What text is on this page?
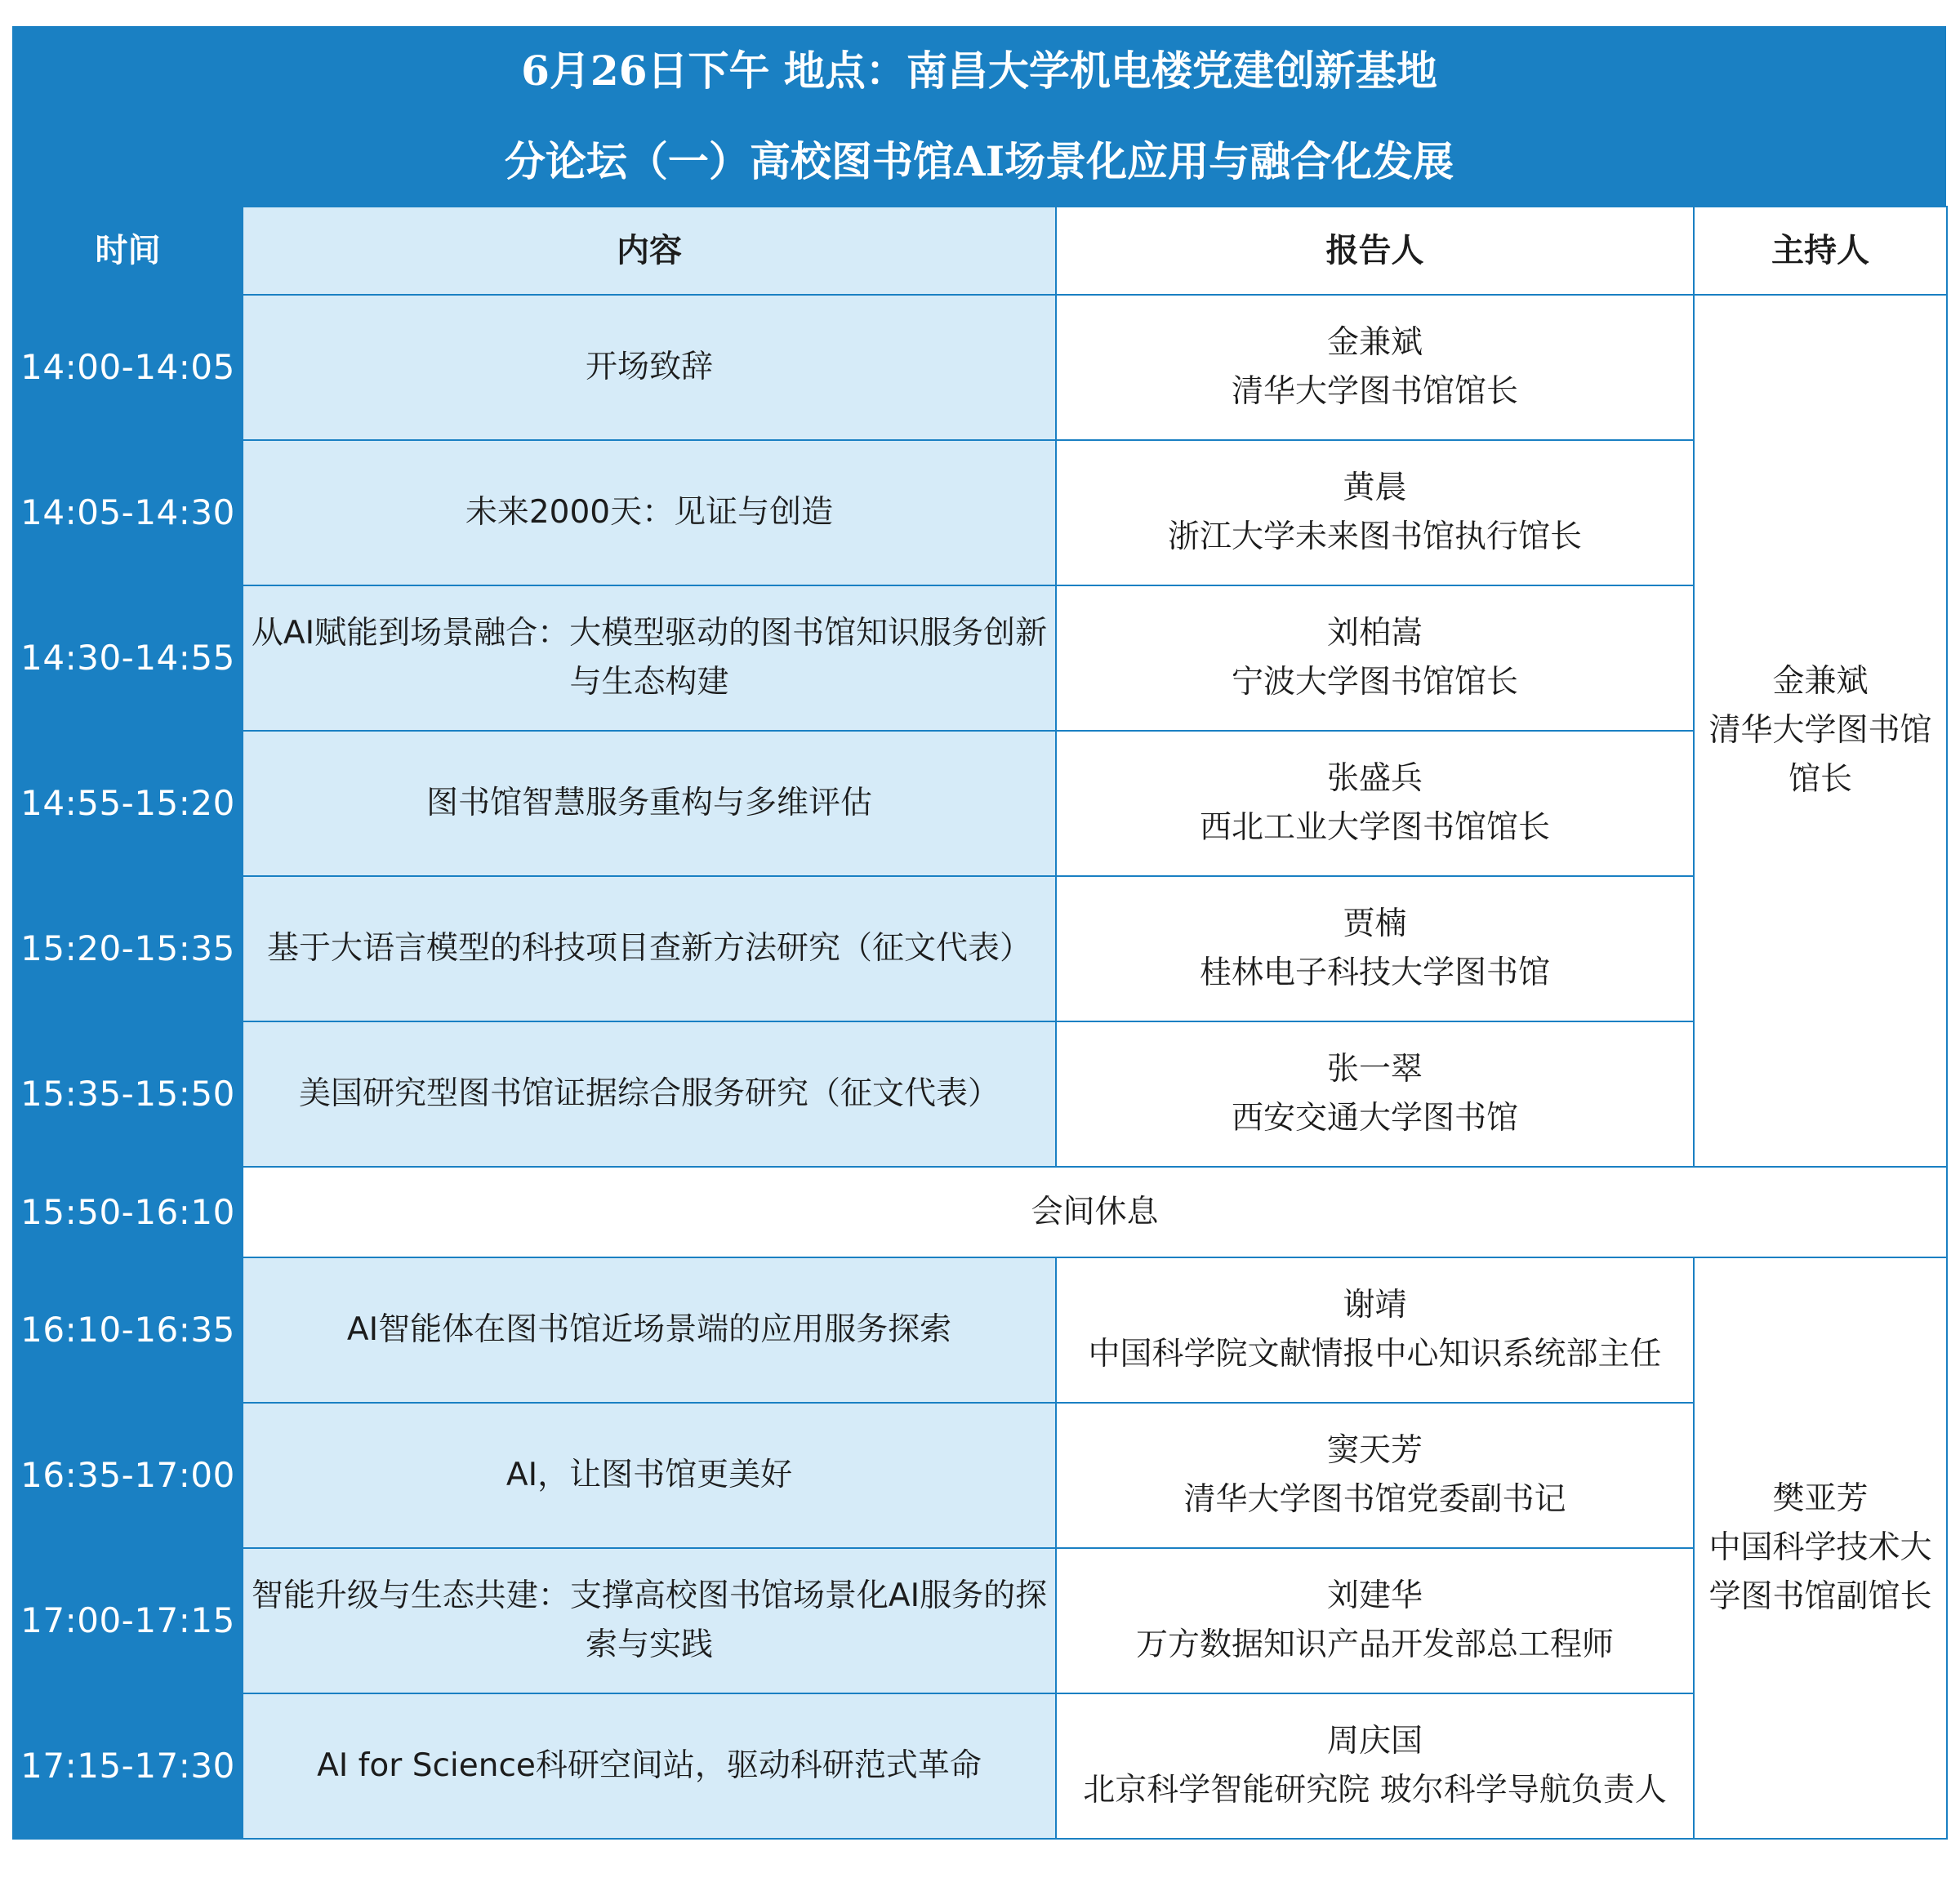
6月26日下午 地点：南昌大学机电楼党建创新基地
分论坛（一）高校图书馆AI场景化应用与融合化发展
时间	内容	报告人	主持人
14:00-14:05	开场致辞	金兼斌
清华大学图书馆馆长	金兼斌
清华大学图书馆馆长

14:05-14:30	未来2000天：见证与创造	黄晨
浙江大学未来图书馆执行馆长	

14:30-14:55	从AI赋能到场景融合：大模型驱动的图书馆知识服务创新与生态构建	刘柏嵩
宁波大学图书馆馆长	

14:55-15:20	图书馆智慧服务重构与多维评估	张盛兵
西北工业大学图书馆馆长	

15:20-15:35	基于大语言模型的科技项目查新方法研究（征文代表）	贾楠
桂林电子科技大学图书馆	

15:35-15:50	美国研究型图书馆证据综合服务研究（征文代表）	张一翠
西安交通大学图书馆	

15:50-16:10	会间休息		
16:10-16:35	AI智能体在图书馆近场景端的应用服务探索	谢靖
中国科学院文献情报中心知识系统部主任	樊亚芳
中国科学技术大学图书馆副馆长

16:35-17:00	AI，让图书馆更美好	窦天芳
清华大学图书馆党委副书记	

17:00-17:15	智能升级与生态共建：支撑高校图书馆场景化AI服务的探索与实践	刘建华
万方数据知识产品开发部总工程师	

17:15-17:30	AI for Science科研空间站，驱动科研范式革命	周庆国
北京科学智能研究院 玻尔科学导航负责人	
